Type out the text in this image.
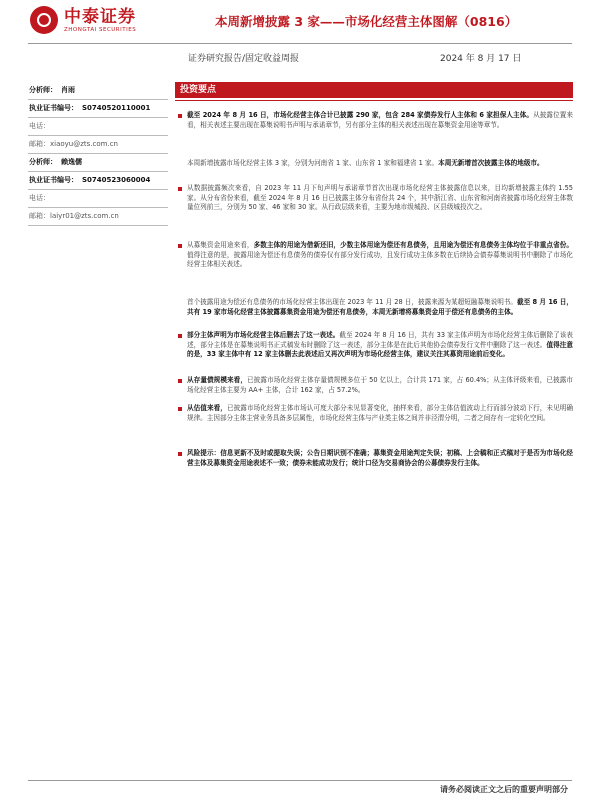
中泰证券
ZHONGTAI SECURITIES
本周新增披露 3 家——市场化经营主体图解（0816）
证券研究报告/固定收益周报	2024 年 8 月 17 日
分析师： 肖雨
执业证书编号： S0740520110001
电话：
邮箱：xiaoyu@zts.com.cn
分析师： 赖逸儒
执业证书编号： S0740523060004
电话：
邮箱：laiyr01@zts.com.cn
投资要点
截至 2024 年 8 月 16 日，市场化经营主体合计已披露 290 家，包含 284 家债券发行人主体和 6 家担保人主体。从披露位置来看，相关表述主要出现在募集说明书声明与承诺章节，另有部分主体的相关表述出现在募集资金用途等章节。
本周新增披露市场化经营主体 3 家，分别为河南省 1 家、山东省 1 家和福建省 1 家。本周无新增首次披露主体的地级市。
从数据披露频次来看，自 2023 年 11 月下旬声明与承诺章节首次出现市场化经营主体披露信息以来，目均新增披露主体约 1.55 家。从分布省份来看，截至 2024 年 8 月 16 日已披露主体分布省份共 24 个，其中浙江省、山东省和河南省披露市场化经营主体数量位列前三，分别为 50 家、46 家和 30 家。从行政层级来看，主要为地市级城投、区县级城投次之。
从募集资金用途来看，多数主体的用途为借新还旧，少数主体用途为偿还有息债务，且用途为偿还有息债务主体均位于非重点省份。值得注意的是，披露用途为偿还有息债务的债券仅有部分发行成功，且发行成功主体多数在后续协会债券募集说明书中删除了市场化经营主体相关表述。
首个披露用途为偿还有息债务的市场化经营主体出现在 2023 年 11 月 28 日，披露来源为某超短融募集说明书。截至 8 月 16 日，共有 19 家市场化经营主体披露募集资金用途为偿还有息债务，本周无新增将募集资金用于偿还有息债务的主体。
部分主体声明为市场化经营主体后删去了这一表述。截至 2024 年 8 月 16 日，共有 33 家主体声明为市场化经营主体后删除了该表述，部分主体是在募集说明书正式稿发布时删除了这一表述，部分主体是在此后其他协会债券发行文件中删除了这一表述。值得注意的是，33 家主体中有 12 家主体删去此表述后又再次声明为市场化经营主体，建议关注其募资用途前后变化。
从存量债规模来看，已披露市场化经营主体存量债规模多位于 50 亿以上，合计共 171 家，占 60.4%；从主体评级来看，已披露市场化经营主体主要为 AA+ 主体，合计 162 家，占 57.2%。
从估值来看，已披露市场化经营主体市场认可度大部分未见显著变化，抽样来看，部分主体估值波动上行而部分波动下行，未见明确规律。主因部分主体主营业务具备多层属性，市场化经营主体与产业类主体之间并非泾渭分明，二者之间存有一定转化空间。
风险提示：信息更新不及时或提取失误；公告日期识别不准确；募集资金用途判定失误；初稿、上会稿和正式稿对于是否为市场化经营主体及募集资金用途表述不一致；债券未能成功发行；统计口径为交易商协会的公募债券发行主体。
请务必阅读正文之后的重要声明部分
